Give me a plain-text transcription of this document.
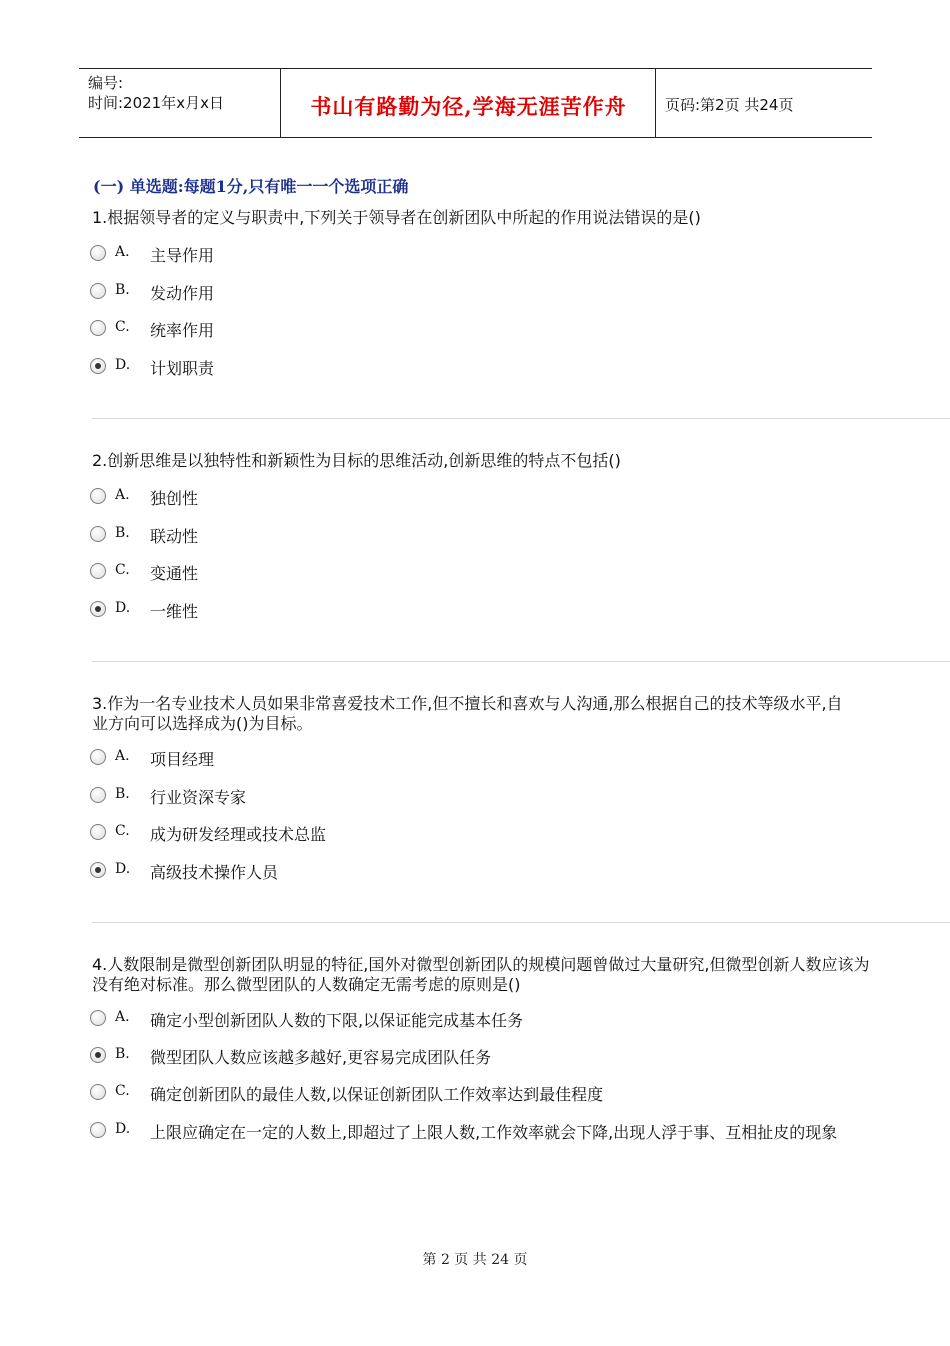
编号:
时间:2021年x月x日	书山有路勤为径,学海无涯苦作舟	页码:第2页 共24页
(一) 单选题:每题1分,只有唯一一个选项正确
1.根据领导者的定义与职责中,下列关于领导者在创新团队中所起的作用说法错误的是()
A. 主导作用
B. 发动作用
C. 统率作用
D. 计划职责
2.创新思维是以独特性和新颖性为目标的思维活动,创新思维的特点不包括()
A. 独创性
B. 联动性
C. 变通性
D. 一维性
3.作为一名专业技术人员如果非常喜爱技术工作,但不擅长和喜欢与人沟通,那么根据自己的技术等级水平,自
业方向可以选择成为()为目标。
A. 项目经理
B. 行业资深专家
C. 成为研发经理或技术总监
D. 高级技术操作人员
4.人数限制是微型创新团队明显的特征,国外对微型创新团队的规模问题曾做过大量研究,但微型创新人数应该为
没有绝对标准。那么微型团队的人数确定无需考虑的原则是()
A. 确定小型创新团队人数的下限,以保证能完成基本任务
B. 微型团队人数应该越多越好,更容易完成团队任务
C. 确定创新团队的最佳人数,以保证创新团队工作效率达到最佳程度
D. 上限应确定在一定的人数上,即超过了上限人数,工作效率就会下降,出现人浮于事、互相扯皮的现象
第 2 页 共 24 页
